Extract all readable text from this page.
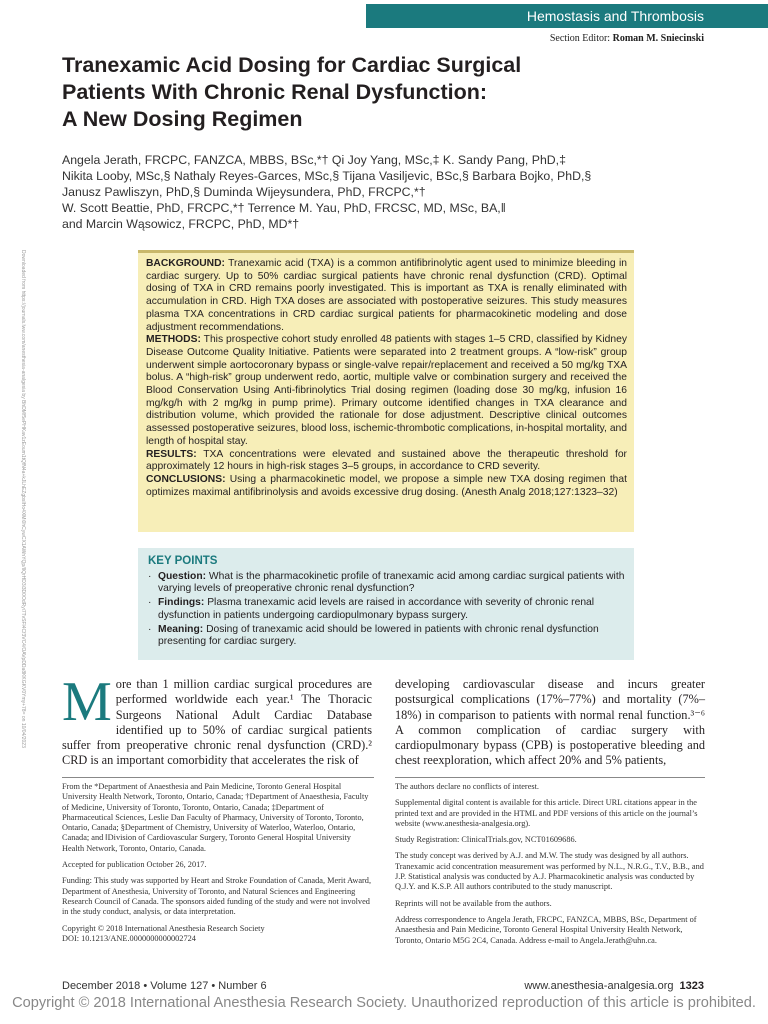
Hemostasis and Thrombosis
Section Editor: Roman M. Sniecinski
Downloaded from https://journals.lww.com/anesthesia-analgesia by BhDMf5ePHKav1zEoum1tQfN4a+kJLhEZgbsIHo4XMi0hCywCX1AWnYQp/IlQrHD3i3D0OdRyi7TvSFl4Cf3VC4/OAVpDDa8KKGKV0Ymy+78= on 10/04/2023
Tranexamic Acid Dosing for Cardiac Surgical
Patients With Chronic Renal Dysfunction:
A New Dosing Regimen
Angela Jerath, FRCPC, FANZCA, MBBS, BSc,*† Qi Joy Yang, MSc,‡ K. Sandy Pang, PhD,‡
Nikita Looby, MSc,§ Nathaly Reyes-Garces, MSc,§ Tijana Vasiljevic, BSc,§ Barbara Bojko, PhD,§
Janusz Pawliszyn, PhD,§ Duminda Wijeysundera, PhD, FRCPC,*†
W. Scott Beattie, PhD, FRCPC,*† Terrence M. Yau, PhD, FRCSC, MD, MSc, BA,‖
and Marcin Wąsowicz, FRCPC, PhD, MD*†
BACKGROUND: Tranexamic acid (TXA) is a common antifibrinolytic agent used to minimize bleeding in cardiac surgery. Up to 50% cardiac surgical patients have chronic renal dysfunction (CRD). Optimal dosing of TXA in CRD remains poorly investigated. This is important as TXA is renally eliminated with accumulation in CRD. High TXA doses are associated with postoperative seizures. This study measures plasma TXA concentrations in CRD cardiac surgical patients for pharmacokinetic modeling and dose adjustment recommendations.
METHODS: This prospective cohort study enrolled 48 patients with stages 1–5 CRD, classified by Kidney Disease Outcome Quality Initiative. Patients were separated into 2 treatment groups. A “low-risk” group underwent simple aortocoronary bypass or single-valve repair/replacement and received a 50 mg/kg TXA bolus. A “high-risk” group underwent redo, aortic, multiple valve or combination surgery and received the Blood Conservation Using Anti-fibrinolytics Trial dosing regimen (loading dose 30 mg/kg, infusion 16 mg/kg/h with 2 mg/kg in pump prime). Primary outcome identified changes in TXA clearance and distribution volume, which provided the rationale for dose adjustment. Descriptive clinical outcomes assessed postoperative seizures, blood loss, ischemic-thrombotic complications, in-hospital mortality, and length of hospital stay.
RESULTS: TXA concentrations were elevated and sustained above the therapeutic threshold for approximately 12 hours in high-risk stages 3–5 groups, in accordance to CRD severity.
CONCLUSIONS: Using a pharmacokinetic model, we propose a simple new TXA dosing regimen that optimizes maximal antifibrinolysis and avoids excessive drug dosing. (Anesth Analg 2018;127:1323–32)
KEY POINTS
· Question: What is the pharmacokinetic profile of tranexamic acid among cardiac surgical patients with varying levels of preoperative chronic renal dysfunction?
· Findings: Plasma tranexamic acid levels are raised in accordance with severity of chronic renal dysfunction in patients undergoing cardiopulmonary bypass surgery.
· Meaning: Dosing of tranexamic acid should be lowered in patients with chronic renal dysfunction presenting for cardiac surgery.
More than 1 million cardiac surgical procedures are performed worldwide each year.¹ The Thoracic Surgeons National Adult Cardiac Database identified up to 50% of cardiac surgical patients suffer from preoperative chronic renal dysfunction (CRD).² CRD is an important comorbidity that accelerates the risk of
developing cardiovascular disease and incurs greater postsurgical complications (17%–77%) and mortality (7%–18%) in comparison to patients with normal renal function.³⁻⁶ A common complication of cardiac surgery with cardiopulmonary bypass (CPB) is postoperative bleeding and chest reexploration, which affect 20% and 5% patients,

From the *Department of Anaesthesia and Pain Medicine, Toronto General Hospital University Health Network, Toronto, Ontario, Canada; †Department of Anaesthesia, Faculty of Medicine, University of Toronto, Toronto, Ontario, Canada; ‡Department of Pharmaceutical Sciences, Leslie Dan Faculty of Pharmacy, University of Toronto, Toronto, Ontario, Canada; §Department of Chemistry, University of Waterloo, Waterloo, Ontario, Canada; and ‖Division of Cardiovascular Surgery, Toronto General Hospital University Health Network, Toronto, Ontario, Canada.

Accepted for publication October 26, 2017.

Funding: This study was supported by Heart and Stroke Foundation of Canada, Merit Award, Department of Anesthesia, University of Toronto, and Natural Sciences and Engineering Research Council of Canada. The sponsors aided funding of the study and were not involved in the study conduct, analysis, or data interpretation.

Copyright © 2018 International Anesthesia Research Society

DOI: 10.1213/ANE.0000000000002724

The authors declare no conflicts of interest.

Supplemental digital content is available for this article. Direct URL citations appear in the printed text and are provided in the HTML and PDF versions of this article on the journal’s website (www.anesthesia-analgesia.org).

Study Registration: ClinicalTrials.gov, NCT01609686.

The study concept was derived by A.J. and M.W. The study was designed by all authors. Tranexamic acid concentration measurement was performed by N.L., N.R.G., T.V., B.B., and J.P. Statistical analysis was conducted by A.J. Pharmacokinetic analysis was conducted by Q.J.Y. and K.S.P. All authors contributed to the study manuscript.

Reprints will not be available from the authors.

Address correspondence to Angela Jerath, FRCPC, FANZCA, MBBS, BSc, Department of Anaesthesia and Pain Medicine, Toronto General Hospital University Health Network, Toronto, Ontario M5G 2C4, Canada. Address e-mail to Angela.Jerath@uhn.ca.

December 2018 • Volume 127 • Number 6	www.anesthesia-analgesia.org 1323
Copyright © 2018 International Anesthesia Research Society. Unauthorized reproduction of this article is prohibited.
